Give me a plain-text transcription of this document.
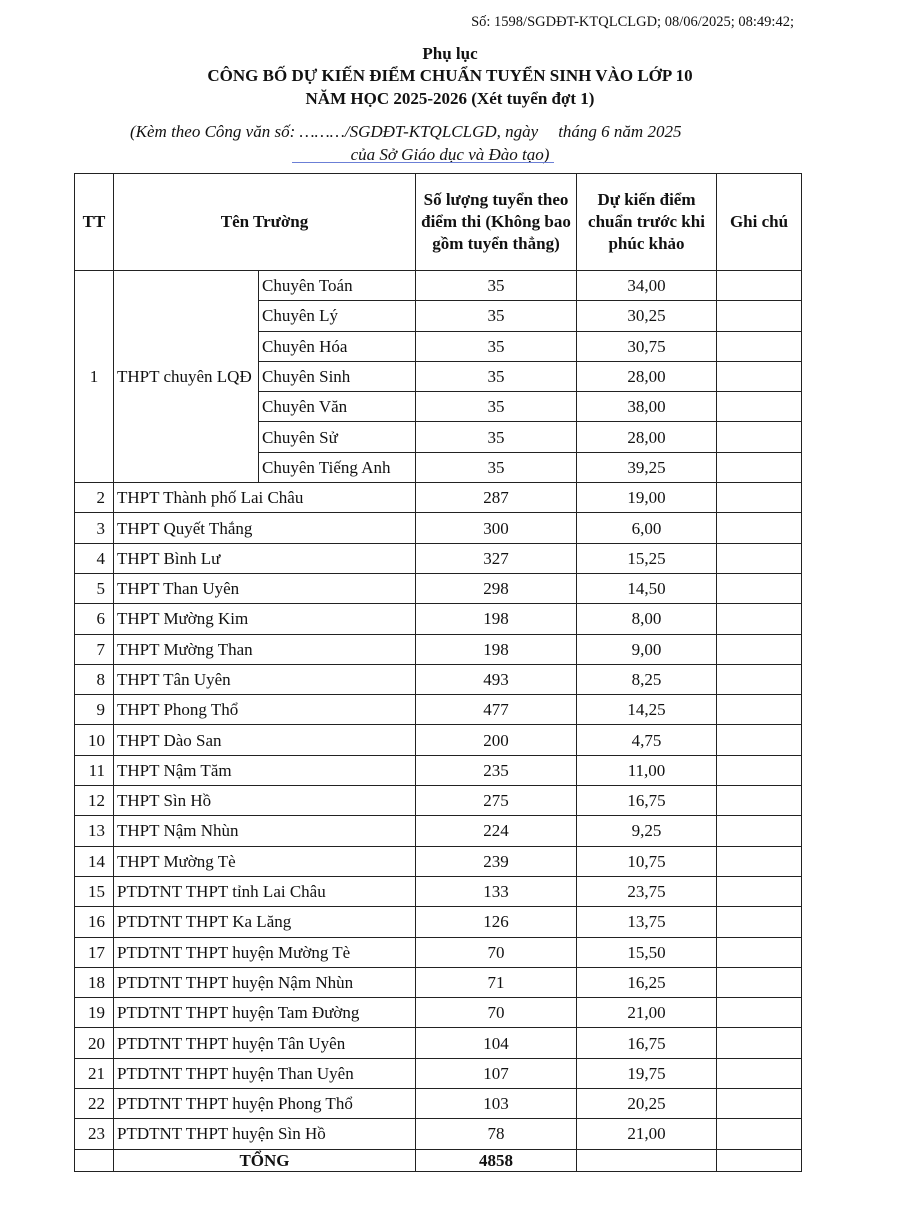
Số: 1598/SGDĐT-KTQLCLGD; 08/06/2025; 08:49:42;
Phụ lục
CÔNG BỐ DỰ KIẾN ĐIỂM CHUẨN TUYỂN SINH VÀO LỚP 10
NĂM HỌC 2025-2026 (Xét tuyển đợt 1)
(Kèm theo Công văn số: ………/SGDĐT-KTQLCLGD, ngày tháng 6 năm 2025
của Sở Giáo dục và Đào tạo)
TT	Tên Trường		Số lượng tuyển theo điểm thi (Không bao gồm tuyển thẳng)	Dự kiến điểm chuẩn trước khi phúc khảo	Ghi chú
1	THPT chuyên LQĐ	Chuyên Toán	35	34,00	
		Chuyên Lý	35	30,25	
		Chuyên Hóa	35	30,75	
		Chuyên Sinh	35	28,00	
		Chuyên Văn	35	38,00	
		Chuyên Sử	35	28,00	
		Chuyên Tiếng Anh	35	39,25	
2	THPT Thành phố Lai Châu		287	19,00	
3	THPT Quyết Thắng		300	6,00	
4	THPT Bình Lư		327	15,25	
5	THPT Than Uyên		298	14,50	
6	THPT Mường Kim		198	8,00	
7	THPT Mường Than		198	9,00	
8	THPT Tân Uyên		493	8,25	
9	THPT Phong Thổ		477	14,25	
10	THPT Dào San		200	4,75	
11	THPT Nậm Tăm		235	11,00	
12	THPT Sìn Hồ		275	16,75	
13	THPT Nậm Nhùn		224	9,25	
14	THPT Mường Tè		239	10,75	
15	PTDTNT THPT tỉnh Lai Châu		133	23,75	
16	PTDTNT THPT Ka Lăng		126	13,75	
17	PTDTNT THPT huyện Mường Tè		70	15,50	
18	PTDTNT THPT huyện Nậm Nhùn		71	16,25	
19	PTDTNT THPT huyện Tam Đường		70	21,00	
20	PTDTNT THPT huyện Tân Uyên		104	16,75	
21	PTDTNT THPT huyện Than Uyên		107	19,75	
22	PTDTNT THPT huyện Phong Thổ		103	20,25	
23	PTDTNT THPT huyện Sìn Hồ		78	21,00	
	TỔNG		4858		
